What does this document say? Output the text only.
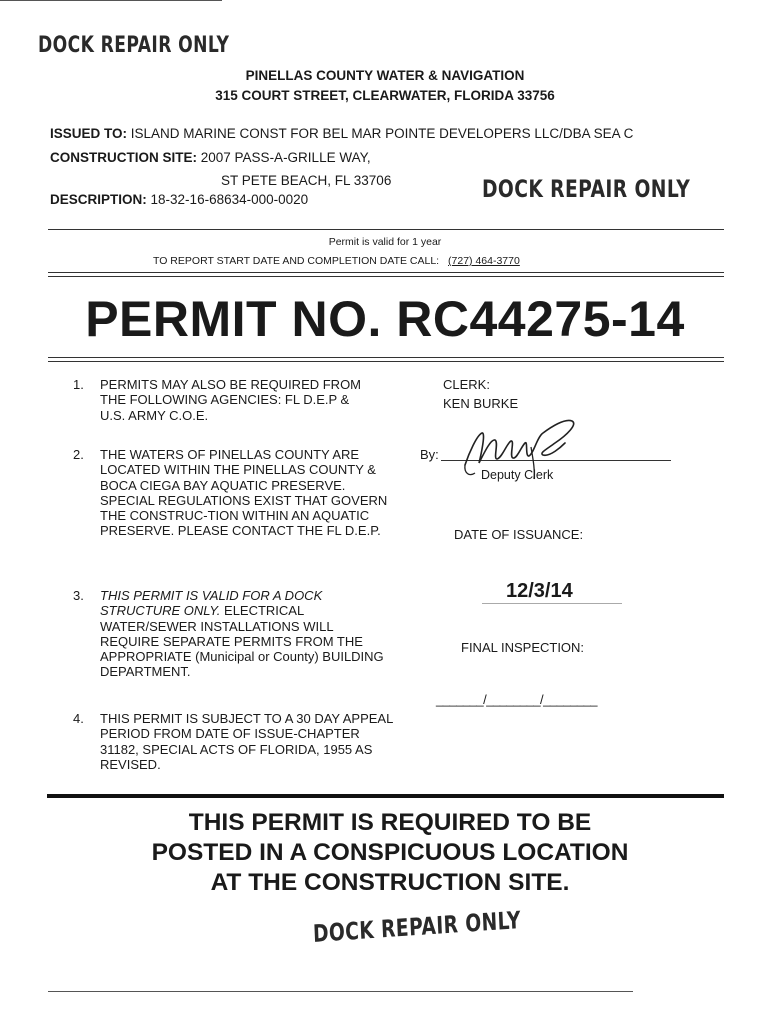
DOCK REPAIR ONLY
PINELLAS COUNTY WATER & NAVIGATION
315 COURT STREET, CLEARWATER, FLORIDA 33756
ISSUED TO: ISLAND MARINE CONST FOR BEL MAR POINTE DEVELOPERS LLC/DBA SEA C
CONSTRUCTION SITE: 2007 PASS-A-GRILLE WAY,
ST PETE BEACH, FL 33706
DESCRIPTION: 18-32-16-68634-000-0020	DOCK REPAIR ONLY
Permit is valid for 1 year
TO REPORT START DATE AND COMPLETION DATE CALL: (727) 464-3770
PERMIT NO. RC44275-14
1. PERMITS MAY ALSO BE REQUIRED FROM THE FOLLOWING AGENCIES: FL D.E.P & U.S. ARMY C.O.E.
2. THE WATERS OF PINELLAS COUNTY ARE LOCATED WITHIN THE PINELLAS COUNTY & BOCA CIEGA BAY AQUATIC PRESERVE. SPECIAL REGULATIONS EXIST THAT GOVERN THE CONSTRUC-TION WITHIN AN AQUATIC PRESERVE. PLEASE CONTACT THE FL D.E.P.
3. THIS PERMIT IS VALID FOR A DOCK STRUCTURE ONLY. ELECTRICAL WATER/SEWER INSTALLATIONS WILL REQUIRE SEPARATE PERMITS FROM THE APPROPRIATE (Municipal or County) BUILDING DEPARTMENT.
4. THIS PERMIT IS SUBJECT TO A 30 DAY APPEAL PERIOD FROM DATE OF ISSUE-CHAPTER 31182, SPECIAL ACTS OF FLORIDA, 1955 AS REVISED.
CLERK:
KEN BURKE
By:
Deputy Clerk
DATE OF ISSUANCE:
12/3/14
FINAL INSPECTION:
_______/________/________
THIS PERMIT IS REQUIRED TO BE
POSTED IN A CONSPICUOUS LOCATION
AT THE CONSTRUCTION SITE.
DOCK REPAIR ONLY
